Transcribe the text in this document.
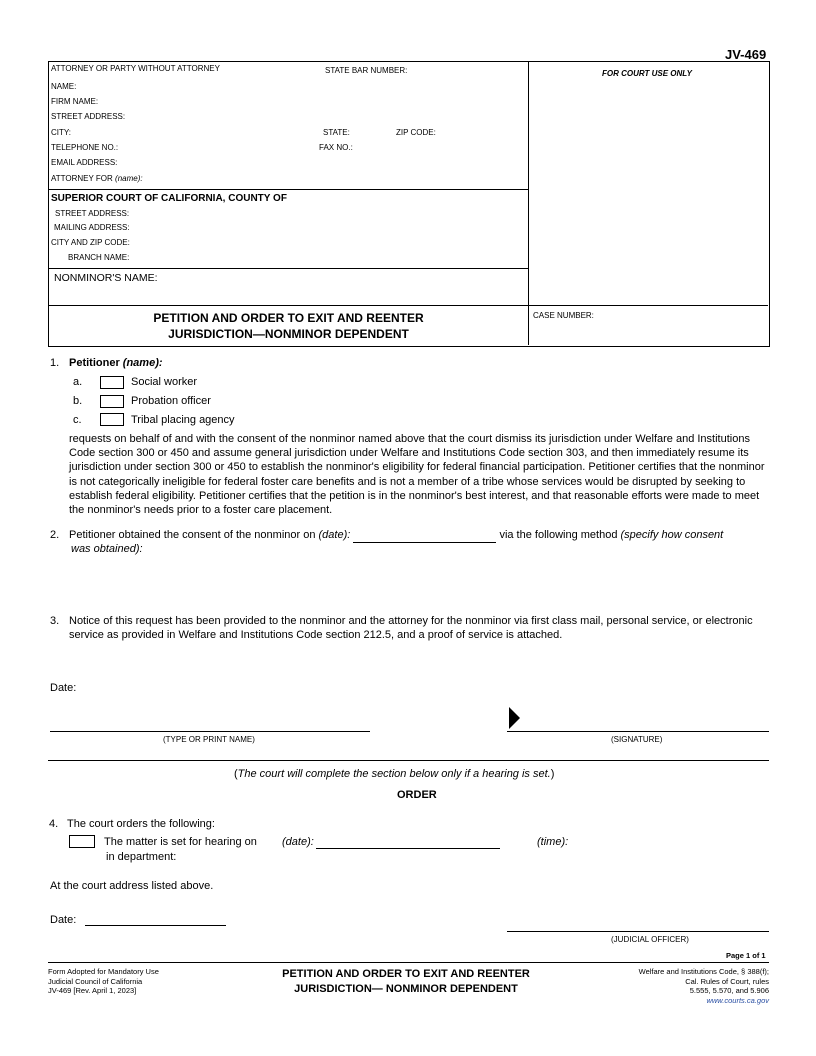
JV-469
ATTORNEY OR PARTY WITHOUT ATTORNEY	STATE BAR NUMBER:
NAME:
FIRM NAME:
STREET ADDRESS:
CITY:	STATE:	ZIP CODE:
TELEPHONE NO.:	FAX NO.:
EMAIL ADDRESS:
ATTORNEY FOR (name):
FOR COURT USE ONLY
SUPERIOR COURT OF CALIFORNIA, COUNTY OF
STREET ADDRESS:
MAILING ADDRESS:
CITY AND ZIP CODE:
BRANCH NAME:
NONMINOR'S NAME:
PETITION AND ORDER TO EXIT AND REENTER
JURISDICTION—NONMINOR DEPENDENT
CASE NUMBER:
1. Petitioner (name):
a.	Social worker
b.	Probation officer
c.	Tribal placing agency
requests on behalf of and with the consent of the nonminor named above that the court dismiss its jurisdiction under Welfare and Institutions Code section 300 or 450 and assume general jurisdiction under Welfare and Institutions Code section 303, and then immediately resume its jurisdiction under section 300 or 450 to establish the nonminor's eligibility for federal financial participation. Petitioner certifies that the nonminor is not categorically ineligible for federal foster care benefits and is not a member of a tribe whose services would be disrupted by seeking to establish federal eligibility. Petitioner certifies that the petition is in the nonminor's best interest, and that reasonable efforts were made to meet the nonminor's needs prior to a foster care placement.
2. Petitioner obtained the consent of the nonminor on (date):	via the following method (specify how consent
was obtained):
3. Notice of this request has been provided to the nonminor and the attorney for the nonminor via first class mail, personal service, or electronic service as provided in Welfare and Institutions Code section 212.5, and a proof of service is attached.
Date:
(TYPE OR PRINT NAME)	(SIGNATURE)
(The court will complete the section below only if a hearing is set.)
ORDER
4. The court orders the following:
The matter is set for hearing on (date):	(time):
in department:
At the court address listed above.
Date:
(JUDICIAL OFFICER)
Page 1 of 1
Form Adopted for Mandatory Use
Judicial Council of California
JV-469 [Rev. April 1, 2023]
PETITION AND ORDER TO EXIT AND REENTER
JURISDICTION— NONMINOR DEPENDENT
Welfare and Institutions Code, § 388(f);
Cal. Rules of Court, rules
5.555, 5.570, and 5.906
www.courts.ca.gov
